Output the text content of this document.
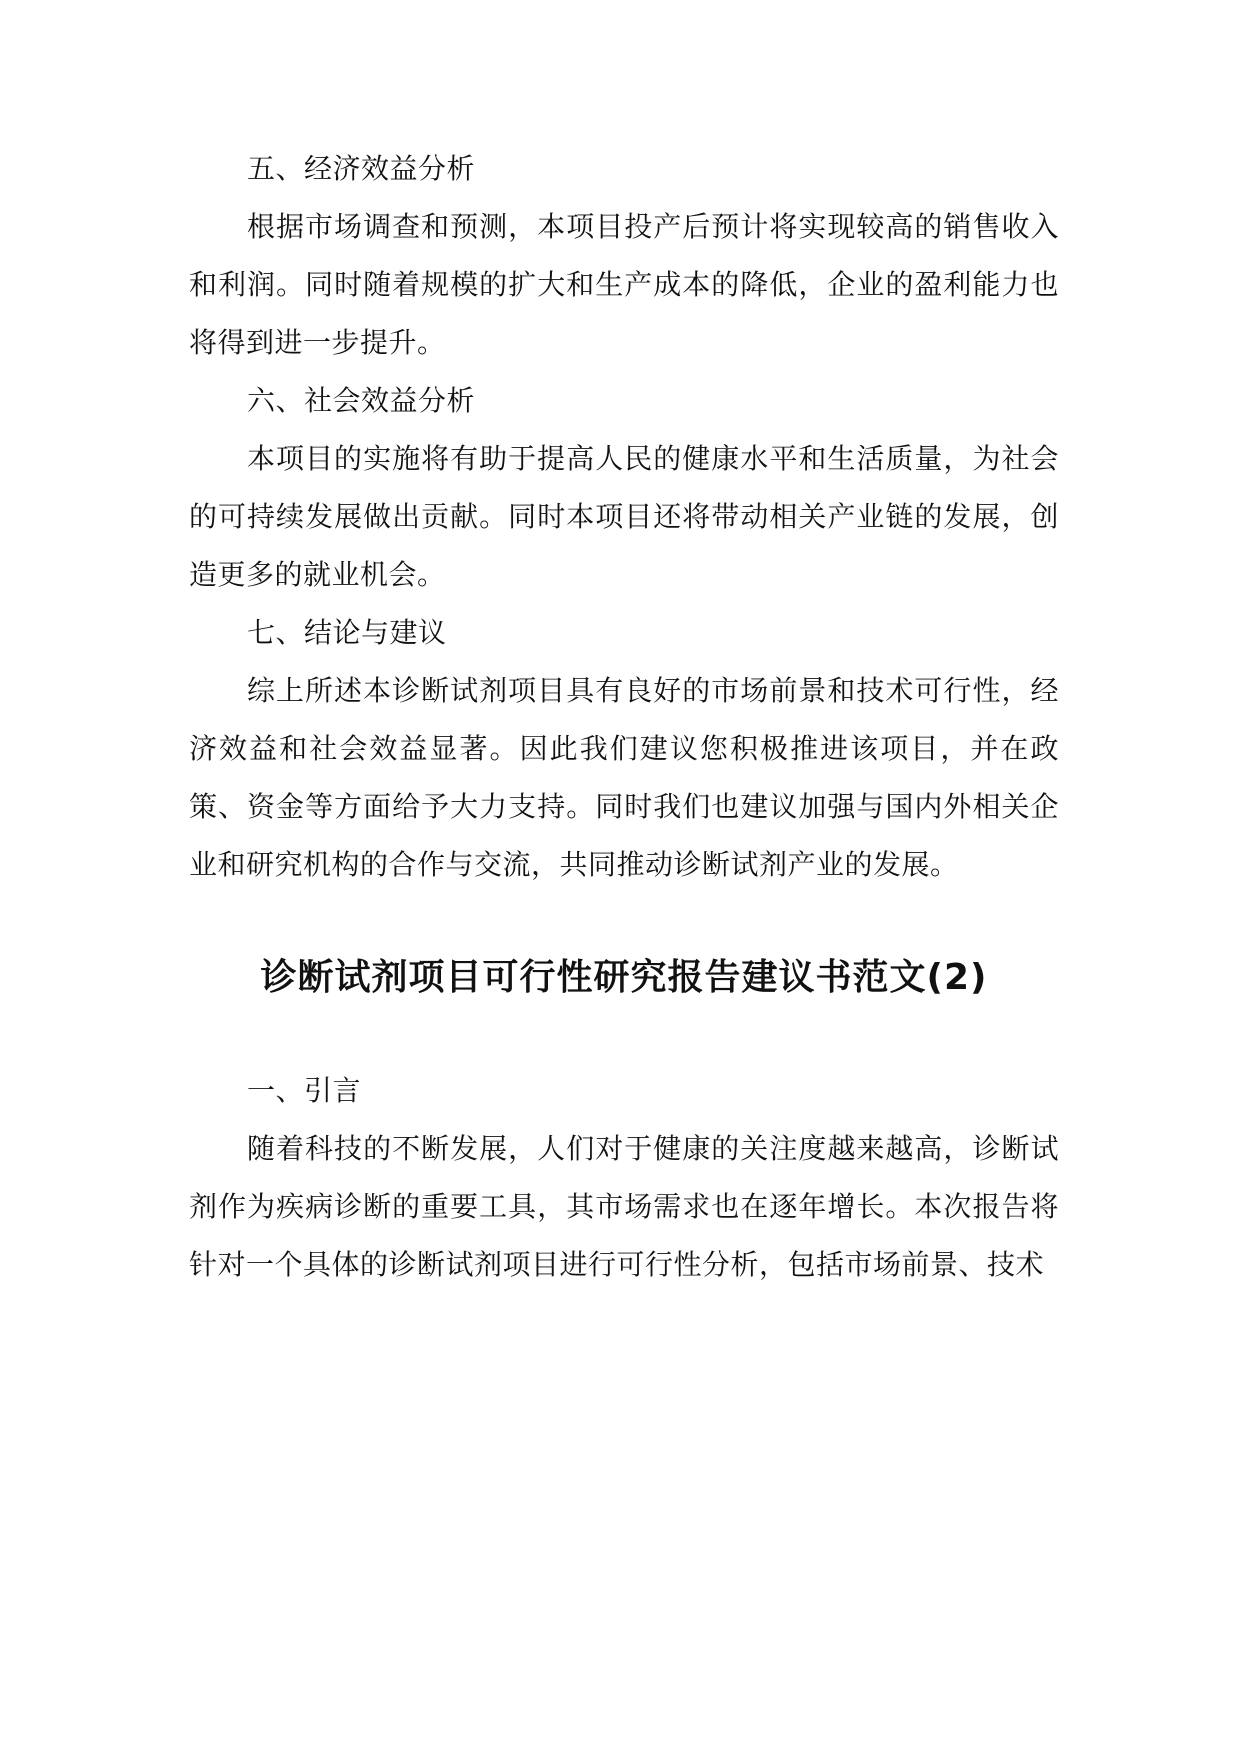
五、经济效益分析

根据市场调查和预测，本项目投产后预计将实现较高的销售收入和利润。同时随着规模的扩大和生产成本的降低，企业的盈利能力也将得到进一步提升。

六、社会效益分析

本项目的实施将有助于提高人民的健康水平和生活质量，为社会的可持续发展做出贡献。同时本项目还将带动相关产业链的发展，创造更多的就业机会。

七、结论与建议

综上所述本诊断试剂项目具有良好的市场前景和技术可行性，经济效益和社会效益显著。因此我们建议您积极推进该项目，并在政策、资金等方面给予大力支持。同时我们也建议加强与国内外相关企业和研究机构的合作与交流，共同推动诊断试剂产业的发展。

诊断试剂项目可行性研究报告建议书范文(2)

一、引言

随着科技的不断发展，人们对于健康的关注度越来越高，诊断试剂作为疾病诊断的重要工具，其市场需求也在逐年增长。本次报告将针对一个具体的诊断试剂项目进行可行性分析，包括市场前景、技术
